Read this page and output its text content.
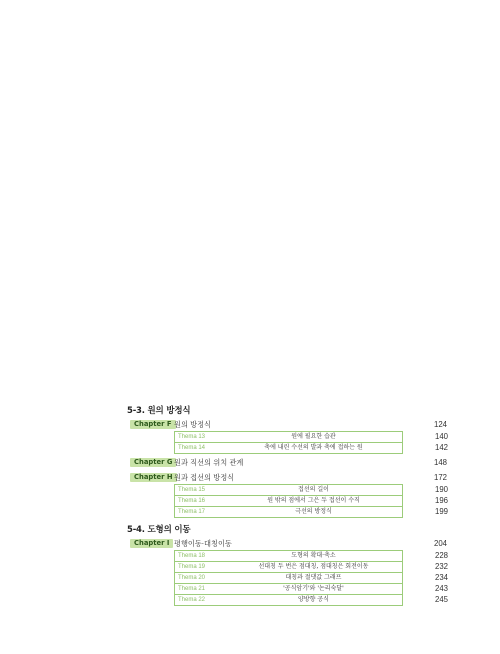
5-3. 원의 방정식
Chapter F 원의 방정식	124
Thema 13	원에 필요한 습관	140
Thema 14	축에 내린 수선의 발과 축에 접하는 원	142
Chapter G 원과 직선의 위치 관계	148
Chapter H 원과 접선의 방정식	172
Thema 15	접선의 길이	190
Thema 16	원 밖의 점에서 그은 두 접선이 수직	196
Thema 17	극선의 방정식	199
5-4. 도형의 이동
Chapter I 평행이동·대칭이동	204
Thema 18	도형의 확대·축소	228
Thema 19	선대칭 두 번은 점대칭, 점대칭은 회전이동	232
Thema 20	대칭과 절댓값 그래프	234
Thema 21	'공식암기'와 '논리숙달'	243
Thema 22	양방향 공식	245
